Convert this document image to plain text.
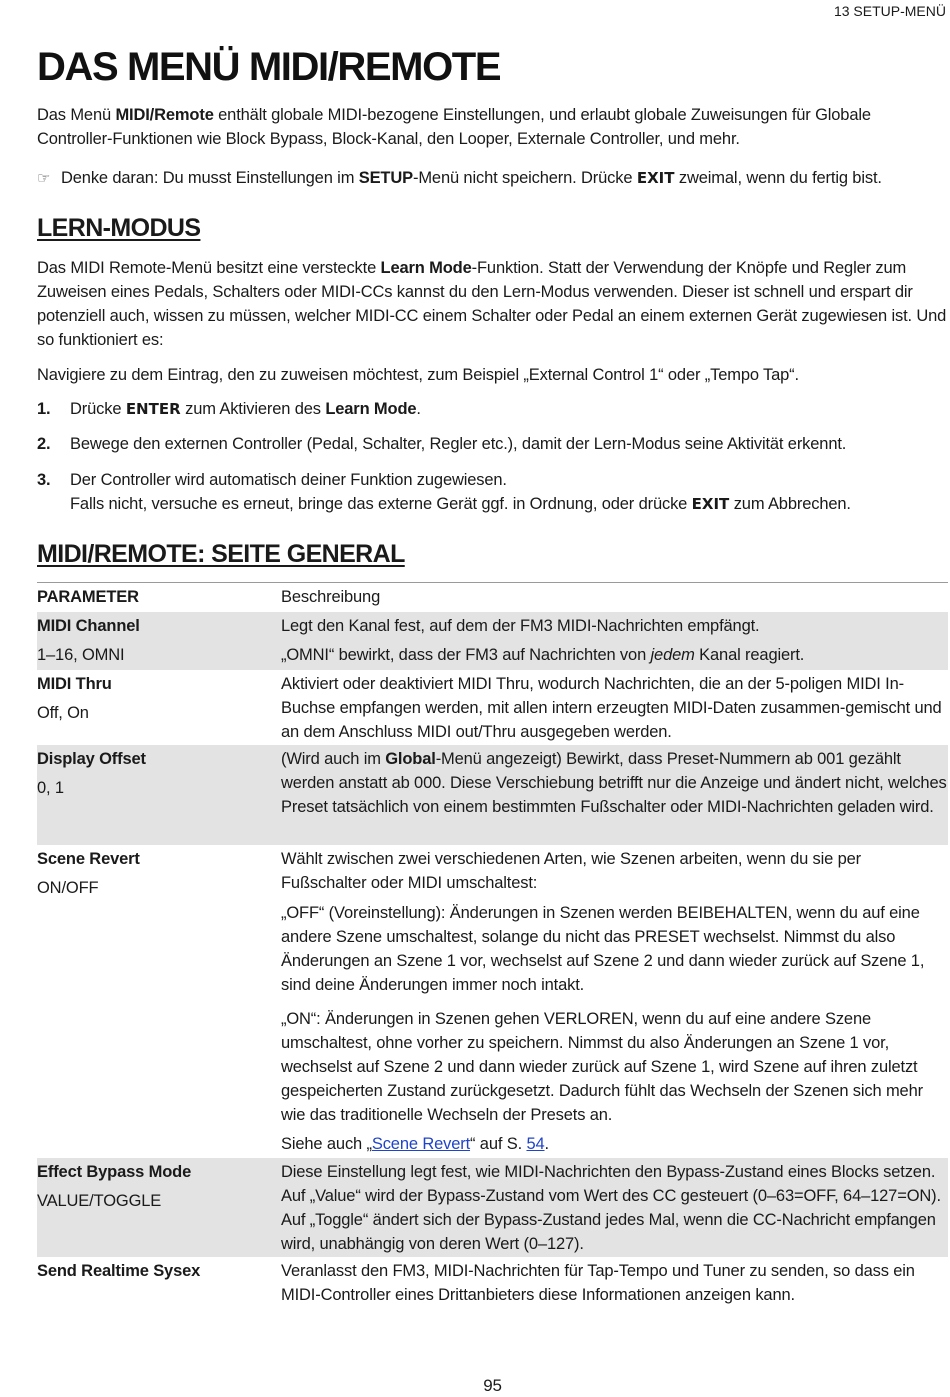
13 SETUP-MENÜ
DAS MENÜ MIDI/REMOTE
Das Menü MIDI/Remote enthält globale MIDI-bezogene Einstellungen, und erlaubt globale Zuweisungen für Globale Controller-Funktionen wie Block Bypass, Block-Kanal, den Looper, Externale Controller, und mehr.
☞ Denke daran: Du musst Einstellungen im SETUP-Menü nicht speichern. Drücke EXIT zweimal, wenn du fertig bist.
LERN-MODUS
Das MIDI Remote-Menü besitzt eine versteckte Learn Mode-Funktion. Statt der Verwendung der Knöpfe und Regler zum Zuweisen eines Pedals, Schalters oder MIDI-CCs kannst du den Lern-Modus verwenden. Dieser ist schnell und erspart dir potenziell auch, wissen zu müssen, welcher MIDI-CC einem Schalter oder Pedal an einem externen Gerät zugewiesen ist. Und so funktioniert es:
Navigiere zu dem Eintrag, den zu zuweisen möchtest, zum Beispiel „External Control 1“ oder „Tempo Tap“.
1. Drücke ENTER zum Aktivieren des Learn Mode.
2. Bewege den externen Controller (Pedal, Schalter, Regler etc.), damit der Lern-Modus seine Aktivität erkennt.
3. Der Controller wird automatisch deiner Funktion zugewiesen.
Falls nicht, versuche es erneut, bringe das externe Gerät ggf. in Ordnung, oder drücke EXIT zum Abbrechen.
MIDI/REMOTE: SEITE GENERAL
PARAMETER	Beschreibung
MIDI Channel
1–16, OMNI
Legt den Kanal fest, auf dem der FM3 MIDI-Nachrichten empfängt.
„OMNI“ bewirkt, dass der FM3 auf Nachrichten von jedem Kanal reagiert.
MIDI Thru
Off, On
Aktiviert oder deaktiviert MIDI Thru, wodurch Nachrichten, die an der 5-poligen MIDI In-Buchse empfangen werden, mit allen intern erzeugten MIDI-Daten zusammen-gemischt und an dem Anschluss MIDI out/Thru ausgegeben werden.
Display Offset
0, 1
(Wird auch im Global-Menü angezeigt) Bewirkt, dass Preset-Nummern ab 001 gezählt werden anstatt ab 000. Diese Verschiebung betrifft nur die Anzeige und ändert nicht, welches Preset tatsächlich von einem bestimmten Fußschalter oder MIDI-Nachrichten geladen wird.
Scene Revert
ON/OFF
Wählt zwischen zwei verschiedenen Arten, wie Szenen arbeiten, wenn du sie per Fußschalter oder MIDI umschaltest:
„OFF“ (Voreinstellung): Änderungen in Szenen werden BEIBEHALTEN, wenn du auf eine andere Szene umschaltest, solange du nicht das PRESET wechselst. Nimmst du also Änderungen an Szene 1 vor, wechselst auf Szene 2 und dann wieder zurück auf Szene 1, sind deine Änderungen immer noch intakt.
„ON“: Änderungen in Szenen gehen VERLOREN, wenn du auf eine andere Szene umschaltest, ohne vorher zu speichern. Nimmst du also Änderungen an Szene 1 vor, wechselst auf Szene 2 und dann wieder zurück auf Szene 1, wird Szene auf ihren zuletzt gespeicherten Zustand zurückgesetzt. Dadurch fühlt das Wechseln der Szenen sich mehr wie das traditionelle Wechseln der Presets an.
Siehe auch „Scene Revert“ auf S. 54.
Effect Bypass Mode
VALUE/TOGGLE
Diese Einstellung legt fest, wie MIDI-Nachrichten den Bypass-Zustand eines Blocks setzen. Auf „Value“ wird der Bypass-Zustand vom Wert des CC gesteuert (0–63=OFF, 64–127=ON). Auf „Toggle“ ändert sich der Bypass-Zustand jedes Mal, wenn die CC-Nachricht empfangen wird, unabhängig von deren Wert (0–127).
Send Realtime Sysex	Veranlasst den FM3, MIDI-Nachrichten für Tap-Tempo und Tuner zu senden, so dass ein MIDI-Controller eines Drittanbieters diese Informationen anzeigen kann.
95
